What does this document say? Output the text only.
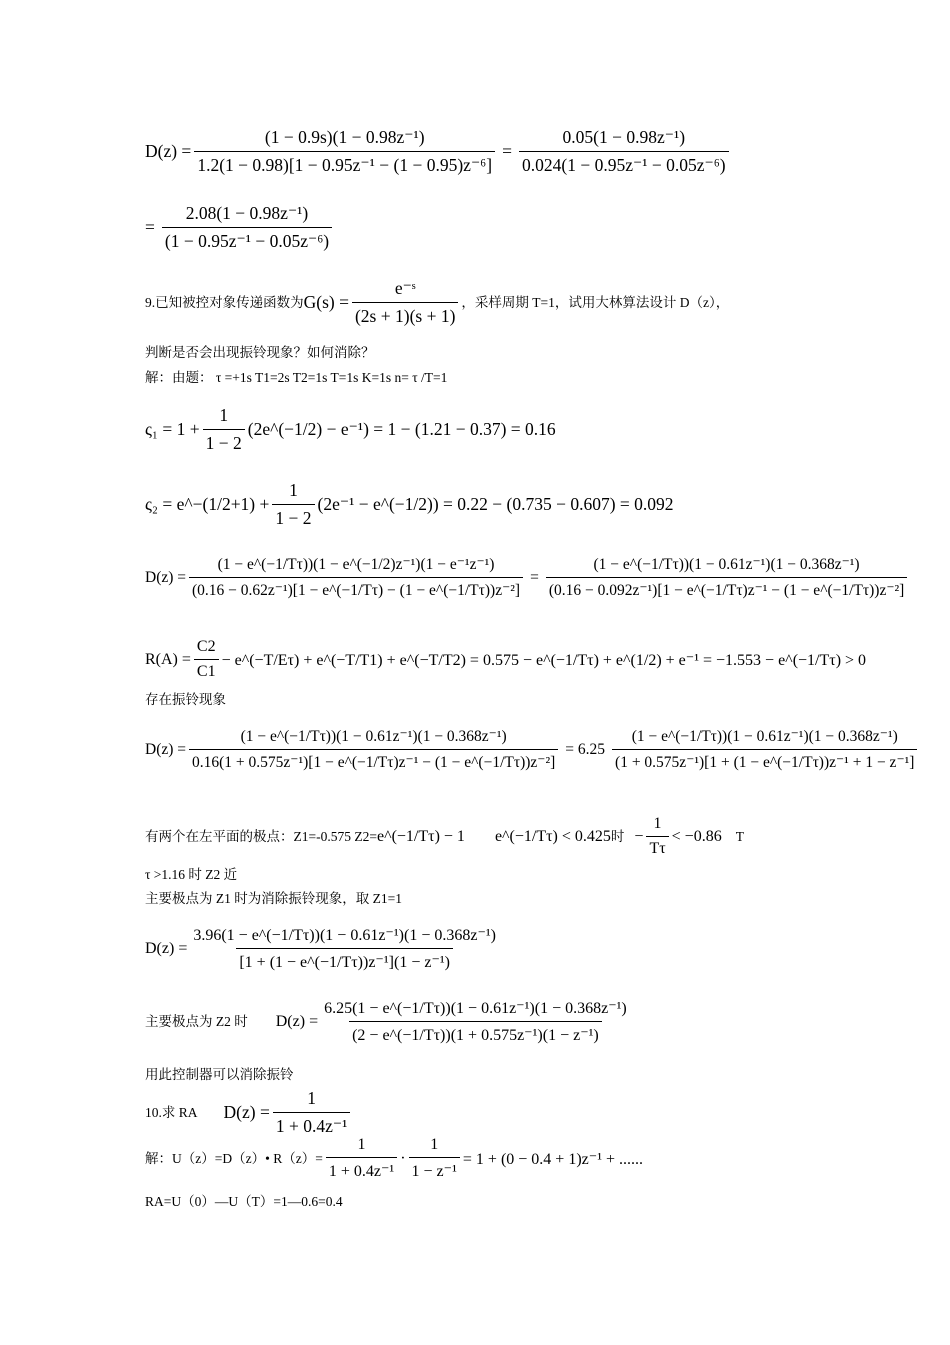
$D(z) = \frac{\text{(1 − 0.9s)(1 − 0.98z⁻¹)}}{\text{1.2(1 − 0.98)[1 − 0.95z⁻¹ − (1 − 0.95)z⁻⁶]}} = \frac{\text{0.05(1 − 0.98z⁻¹)}}{\text{0.024(1 − 0.95z⁻¹ − 0.05z⁻⁶)}}$
= $\frac{\text{2.08(1 − 0.98z⁻¹)}}{\text{(1 − 0.95z⁻¹ − 0.05z⁻⁶)}}$
9.已知被控对象传递函数为 $G(s) = \frac{\text{e⁻ˢ}}{(2s + 1)(s + 1)}$ ，采样周期 T=1，试用大林算法设计 D（z），
判断是否会出现振铃现象？如何消除？
解：由题： τ =+1s T1=2s T2=1s T=1s K=1s n= τ /T=1
$\varsigma_1 = 1 + \frac{1}{1 - 2}$ (2e^(−1/2) − e⁻¹) = 1 − (1.21 − 0.37) = 0.16
ς₂ = e^−(1/2+1) + $\frac{1}{1 - 2} (2e^{-1}$ − e^(−1/2)) = 0.22 − (0.735 − 0.607) = 0.092
$D(z) = \frac{\text{(1 − e\textasciicircum{}(−1/Tτ))(1 − e\textasciicircum{}(−1/2)z⁻¹)(1 − e⁻¹z⁻¹)}}{\text{(0.16 − 0.62z⁻¹)[1 − e\textasciicircum{}(−1/Tτ) − (1 − e\textasciicircum{}(−1/Tτ))z⁻²]}} = \frac{\text{(1 − e\textasciicircum{}(−1/Tτ))(1 − 0.61z⁻¹)(1 − 0.368z⁻¹)}}{\text{(0.16 − 0.092z⁻¹)[1 − e\textasciicircum{}(−1/Tτ)z⁻¹ − (1 − e\textasciicircum{}(−1/Tτ))z⁻²]}}$
$R(A) = \frac{C2}{C1}$ − e^(−T/Eτ) + e^(−T/T1) + e^(−T/T2) = 0.575 − e^(−1/Tτ) + e^(1/2) + e⁻¹ = −1.553 − e^(−1/Tτ) > 0
存在振铃现象
$D(z) = \frac{\text{(1 − e\textasciicircum{}(−1/Tτ))(1 − 0.61z⁻¹)(1 − 0.368z⁻¹)}}{\text{0.16(1 + 0.575z⁻¹)[1 − e\textasciicircum{}(−1/Tτ)z⁻¹ − (1 − e\textasciicircum{}(−1/Tτ))z⁻²]}} = 6.25 \frac{\text{(1 − e\textasciicircum{}(−1/Tτ))(1 − 0.61z⁻¹)(1 − 0.368z⁻¹)}}{\text{(1 + 0.575z⁻¹)[1 + (1 − e\textasciicircum{}(−1/Tτ))z⁻¹ + 1 − z⁻¹]}}$
有两个在左平面的极点：Z1=-0.575 Z2= e^(−1/Tτ) − 1 e^(−1/Tτ) < 0.425 时 − $\frac{1}{T\tau} < -0.86$ T
τ >1.16 时 Z2 近
主要极点为 Z1 时为消除振铃现象，取 Z1=1
$D(z) = \frac{\text{3.96(1 − e\textasciicircum{}(−1/Tτ))(1 − 0.61z⁻¹)(1 − 0.368z⁻¹)}}{\text{[1 + (1 − e\textasciicircum{}(−1/Tτ))z⁻¹](1 − z⁻¹)}}$
主要极点为 Z2 时 $D(z) = \frac{\text{6.25(1 − e\textasciicircum{}(−1/Tτ))(1 − 0.61z⁻¹)(1 − 0.368z⁻¹)}}{\text{(2 − e\textasciicircum{}(−1/Tτ))(1 + 0.575z⁻¹)(1 − z⁻¹)}}$
用此控制器可以消除振铃
10.求 RA $D(z) = \frac{1}{\text{1 + 0.4z⁻¹}}$
解：U（z）=D（z）• $R(z)= \frac{1}{\text{1 + 0.4z⁻¹}} \cdot \frac{1}{\text{1 − z⁻¹}} = 1 + (0 - 0.4 + 1)z^{-1}$ + ......
RA=U（0）—U（T）=1—0.6=0.4
